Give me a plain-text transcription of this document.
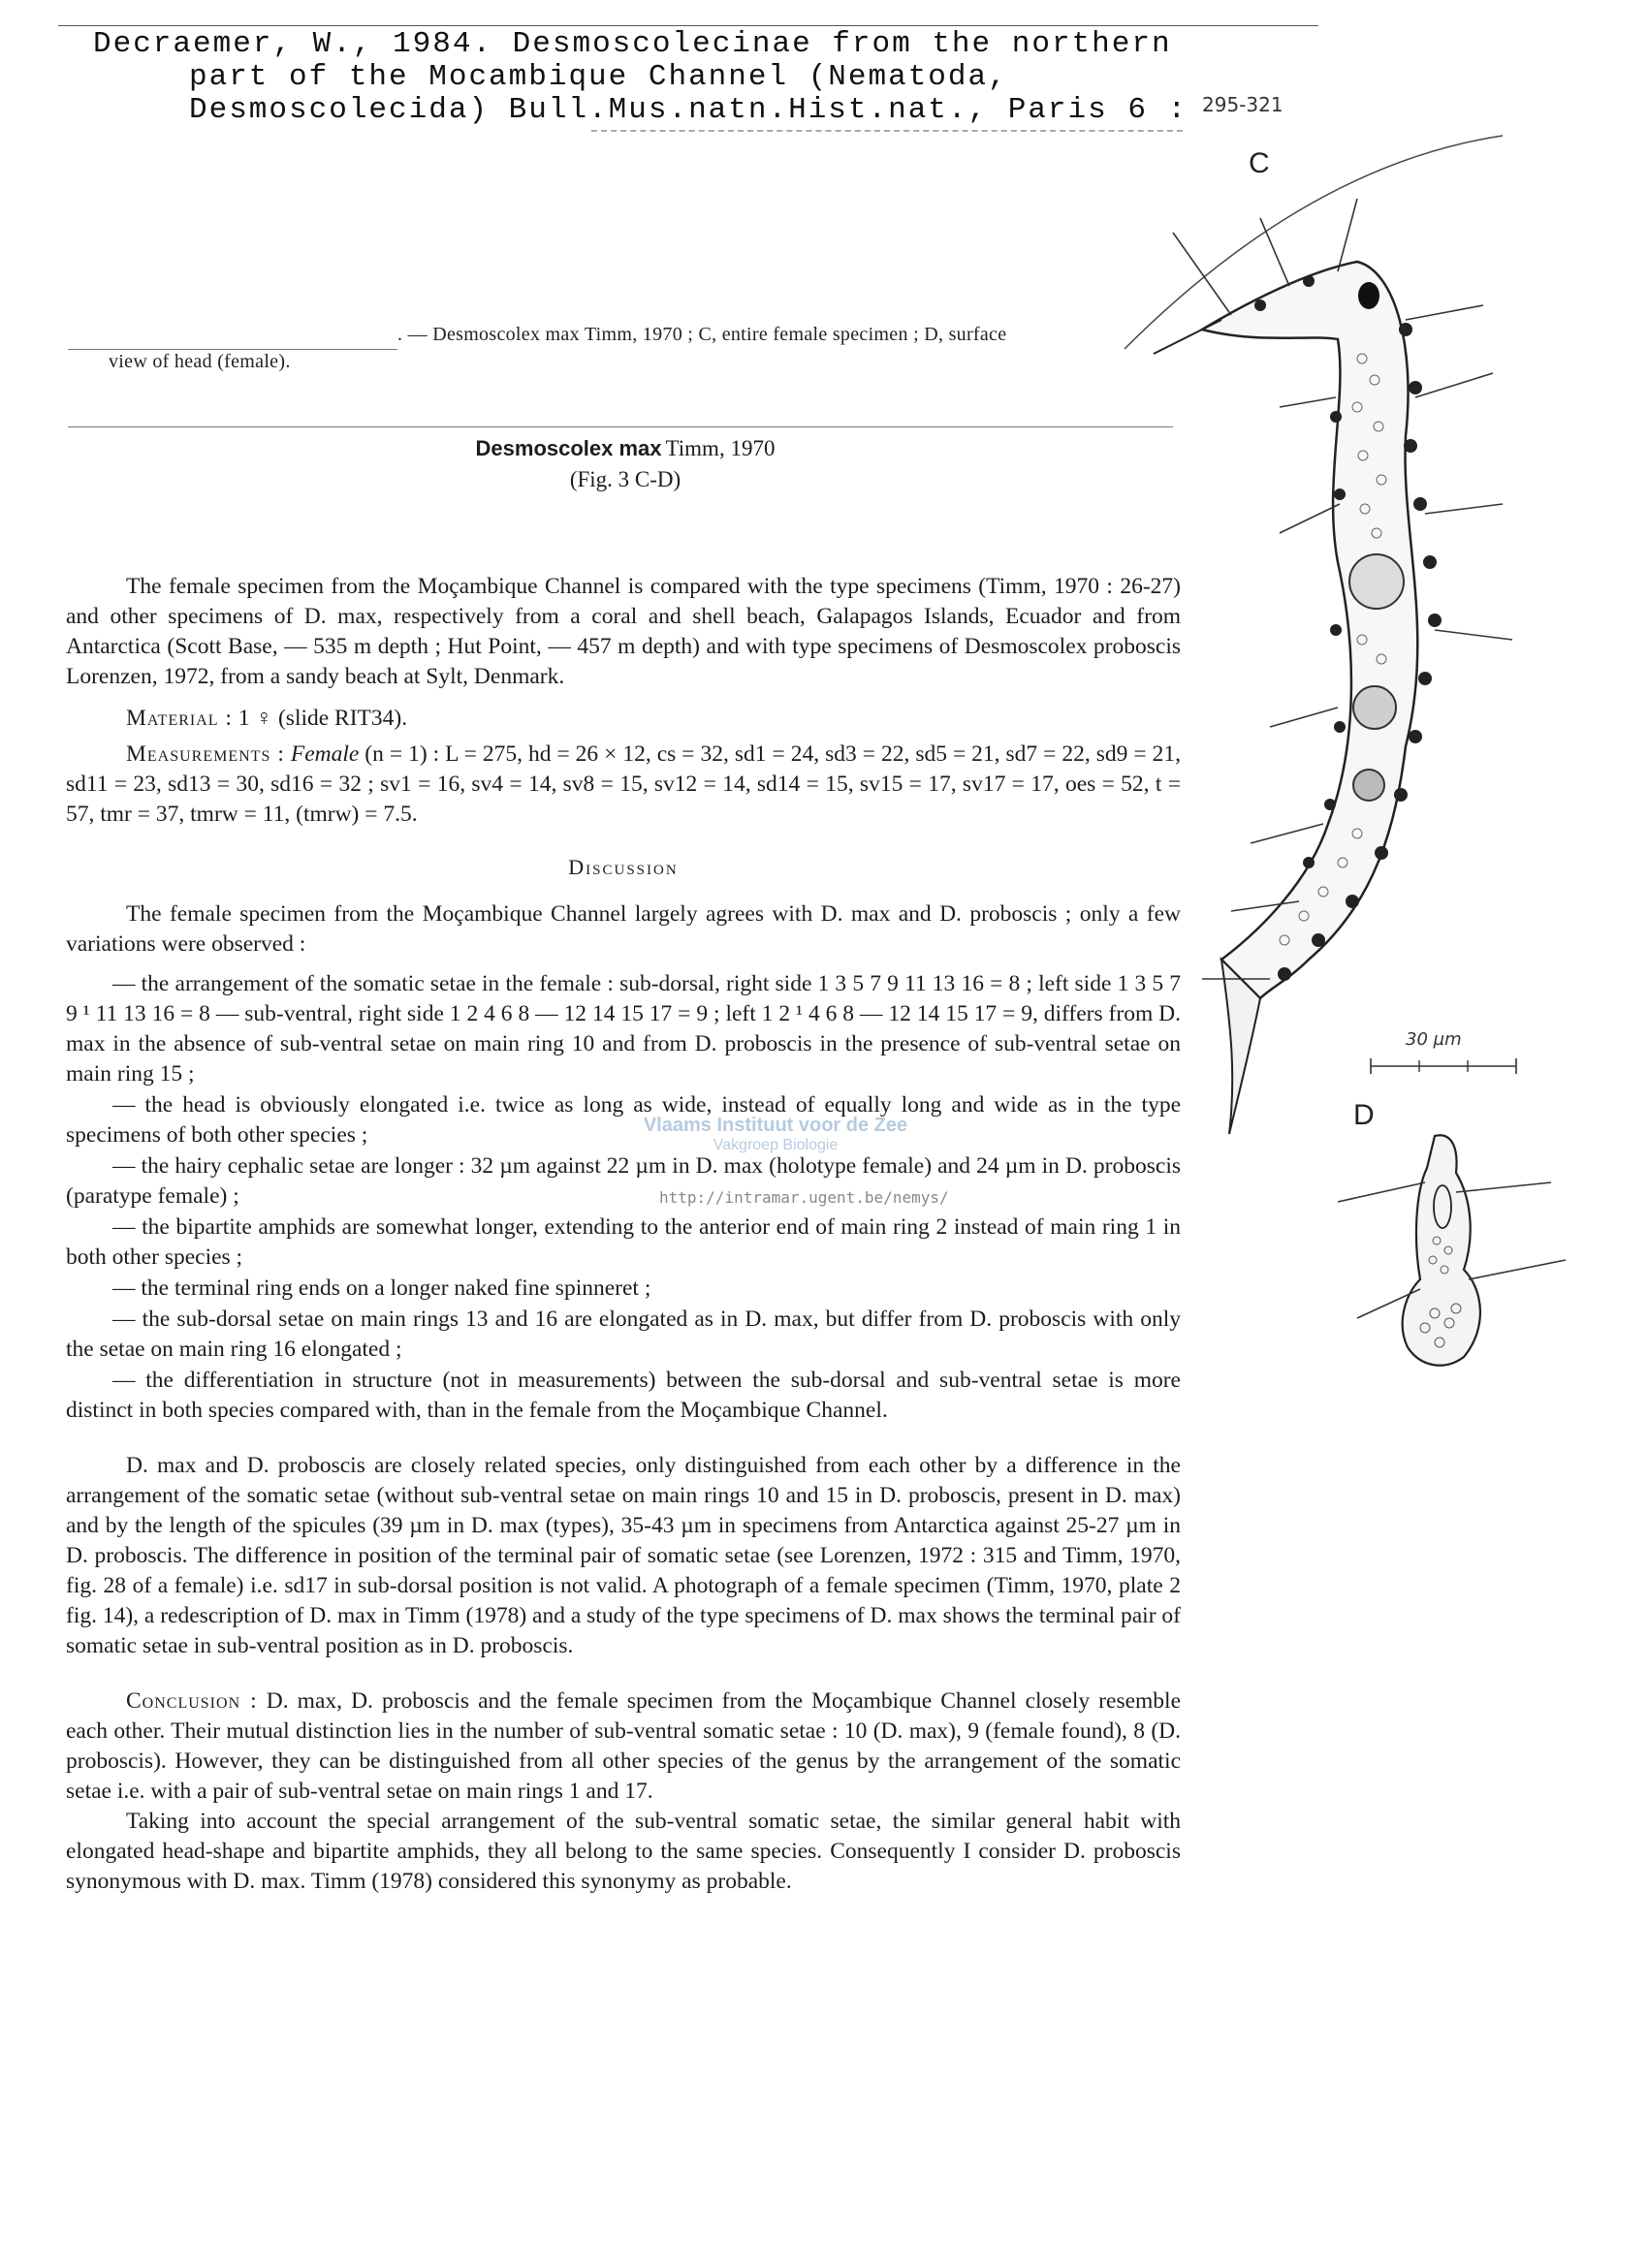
Decraemer, W., 1984. Desmoscolecinae from the northern
part of the Mocambique Channel (Nematoda,
Desmoscolecida) Bull.Mus.natn.Hist.nat., Paris 6 : 295-321
. — Desmoscolex max Timm, 1970 ; C, entire female specimen ; D, surface
view of head (female).
Desmoscolex max Timm, 1970
(Fig. 3 C-D)

The female specimen from the Moçambique Channel is compared with the type specimens (Timm, 1970 : 26-27) and other specimens of D. max, respectively from a coral and shell beach, Galapagos Islands, Ecuador and from Antarctica (Scott Base, — 535 m depth ; Hut Point, — 457 m depth) and with type specimens of Desmoscolex proboscis Lorenzen, 1972, from a sandy beach at Sylt, Denmark.

Material : 1 ♀ (slide RIT34).

Measurements : Female (n = 1) : L = 275, hd = 26 × 12, cs = 32, sd1 = 24, sd3 = 22, sd5 = 21, sd7 = 22, sd9 = 21, sd11 = 23, sd13 = 30, sd16 = 32 ; sv1 = 16, sv4 = 14, sv8 = 15, sv12 = 14, sd14 = 15, sv15 = 17, sv17 = 17, oes = 52, t = 57, tmr = 37, tmrw = 11, (tmrw) = 7.5.

Discussion

The female specimen from the Moçambique Channel largely agrees with D. max and D. proboscis ; only a few variations were observed :

— the arrangement of the somatic setae in the female : sub-dorsal, right side 1 3 5 7 9 11 13 16 = 8 ; left side 1 3 5 7 9 ¹ 11 13 16 = 8 — sub-ventral, right side 1 2 4 6 8 — 12 14 15 17 = 9 ; left 1 2 ¹ 4 6 8 — 12 14 15 17 = 9, differs from D. max in the absence of sub-ventral setae on main ring 10 and from D. proboscis in the presence of sub-ventral setae on main ring 15 ;

— the head is obviously elongated i.e. twice as long as wide, instead of equally long and wide as in the type specimens of both other species ;

— the hairy cephalic setae are longer : 32 µm against 22 µm in D. max (holotype female) and 24 µm in D. proboscis (paratype female) ;

— the bipartite amphids are somewhat longer, extending to the anterior end of main ring 2 instead of main ring 1 in both other species ;

— the terminal ring ends on a longer naked fine spinneret ;

— the sub-dorsal setae on main rings 13 and 16 are elongated as in D. max, but differ from D. proboscis with only the setae on main ring 16 elongated ;

— the differentiation in structure (not in measurements) between the sub-dorsal and sub-ventral setae is more distinct in both species compared with, than in the female from the Moçambique Channel.

D. max and D. proboscis are closely related species, only distinguished from each other by a difference in the arrangement of the somatic setae (without sub-ventral setae on main rings 10 and 15 in D. proboscis, present in D. max) and by the length of the spicules (39 µm in D. max (types), 35-43 µm in specimens from Antarctica against 25-27 µm in D. proboscis. The difference in position of the terminal pair of somatic setae (see Lorenzen, 1972 : 315 and Timm, 1970, fig. 28 of a female) i.e. sd17 in sub-dorsal position is not valid. A photograph of a female specimen (Timm, 1970, plate 2 fig. 14), a redescription of D. max in Timm (1978) and a study of the type specimens of D. max shows the terminal pair of somatic setae in sub-ventral position as in D. proboscis.

Conclusion : D. max, D. proboscis and the female specimen from the Moçambique Channel closely resemble each other. Their mutual distinction lies in the number of sub-ventral somatic setae : 10 (D. max), 9 (female found), 8 (D. proboscis). However, they can be distinguished from all other species of the genus by the arrangement of the somatic setae i.e. with a pair of sub-ventral setae on main rings 1 and 17.

Taking into account the special arrangement of the sub-ventral somatic setae, the similar general habit with elongated head-shape and bipartite amphids, they all belong to the same species. Consequently I consider D. proboscis synonymous with D. max. Timm (1978) considered this synonymy as probable.

Vlaams Instituut voor de Zee
Vakgroep Biologie
http://intramar.ugent.be/nemys/
C
D
30 µm
